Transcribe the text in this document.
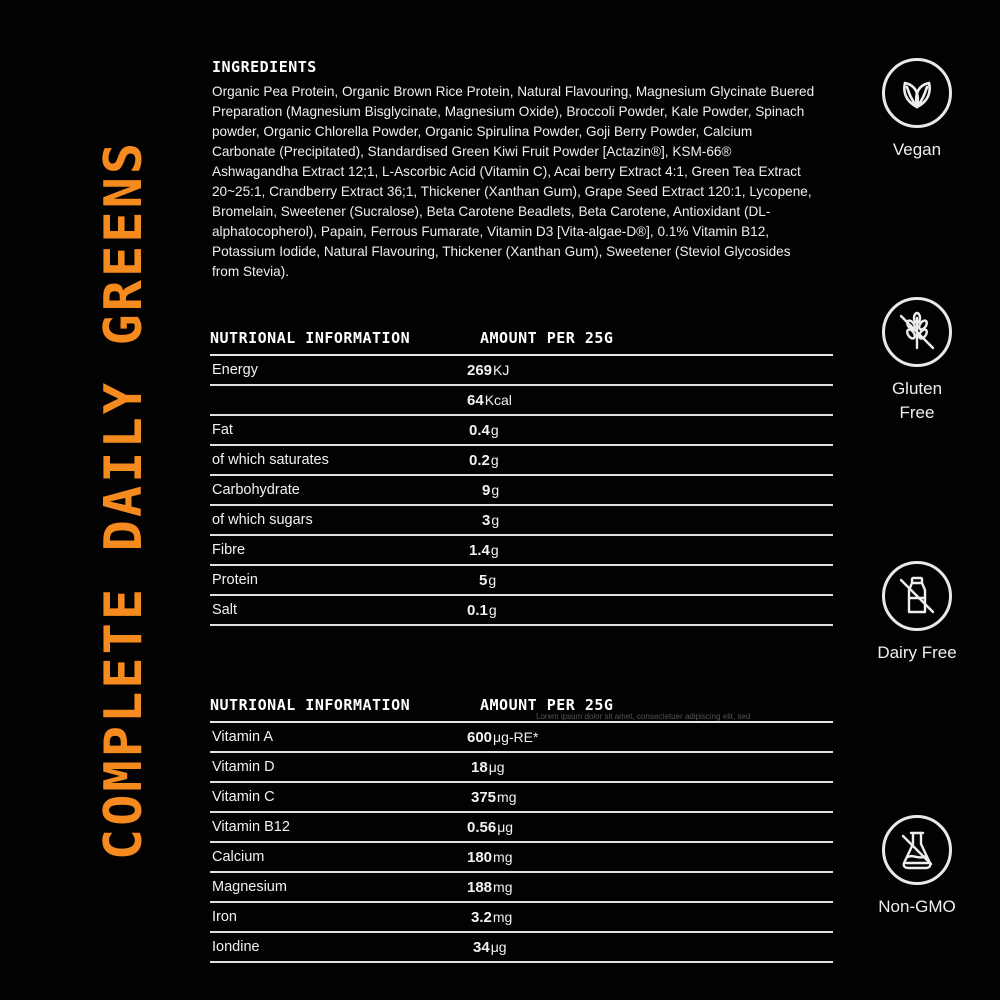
COMPLETE DAILY GREENS
INGREDIENTS
Organic Pea Protein, Organic Brown Rice Protein, Natural Flavouring, Magnesium Glycinate Buered Preparation (Magnesium Bisglycinate, Magnesium Oxide), Broccoli Powder, Kale Powder, Spinach powder, Organic Chlorella Powder, Organic Spirulina Powder, Goji Berry Powder, Calcium Carbonate (Precipitated), Standardised Green Kiwi Fruit Powder [Actazin®], KSM-66® Ashwagandha Extract 12;1, L-Ascorbic Acid (Vitamin C), Acai berry Extract 4:1, Green Tea Extract 20~25:1, Crandberry Extract 36;1, Thickener (Xanthan Gum), Grape Seed Extract 120:1, Lycopene, Bromelain, Sweetener (Sucralose), Beta Carotene Beadlets, Beta Carotene, Antioxidant (DL-alphatocopherol), Papain, Ferrous Fumarate, Vitamin D3 [Vita-algae-D®], 0.1% Vitamin B12, Potassium Iodide, Natural Flavouring, Thickener (Xanthan Gum), Sweetener (Steviol Glycosides from Stevia).
NUTRIONAL INFORMATION	AMOUNT PER 25G
Energy	269 KJ
64 Kcal
Fat	0.4 g
of which saturates	0.2 g
Carbohydrate	9 g
of which sugars	3 g
Fibre	1.4 g
Protein	5 g
Salt	0.1 g
NUTRIONAL INFORMATION	AMOUNT PER 25G
Vitamin A	600 μg-RE*
Vitamin D	18 μg
Vitamin C	375 mg
Vitamin B12	0.56 μg
Calcium	180 mg
Magnesium	188 mg
Iron	3.2 mg
Iondine	34 μg
Lorem ipsum dolor sit amet, consectetuer adipiscing elit, sed
Vegan
Gluten
Free
Dairy Free
Non-GMO
